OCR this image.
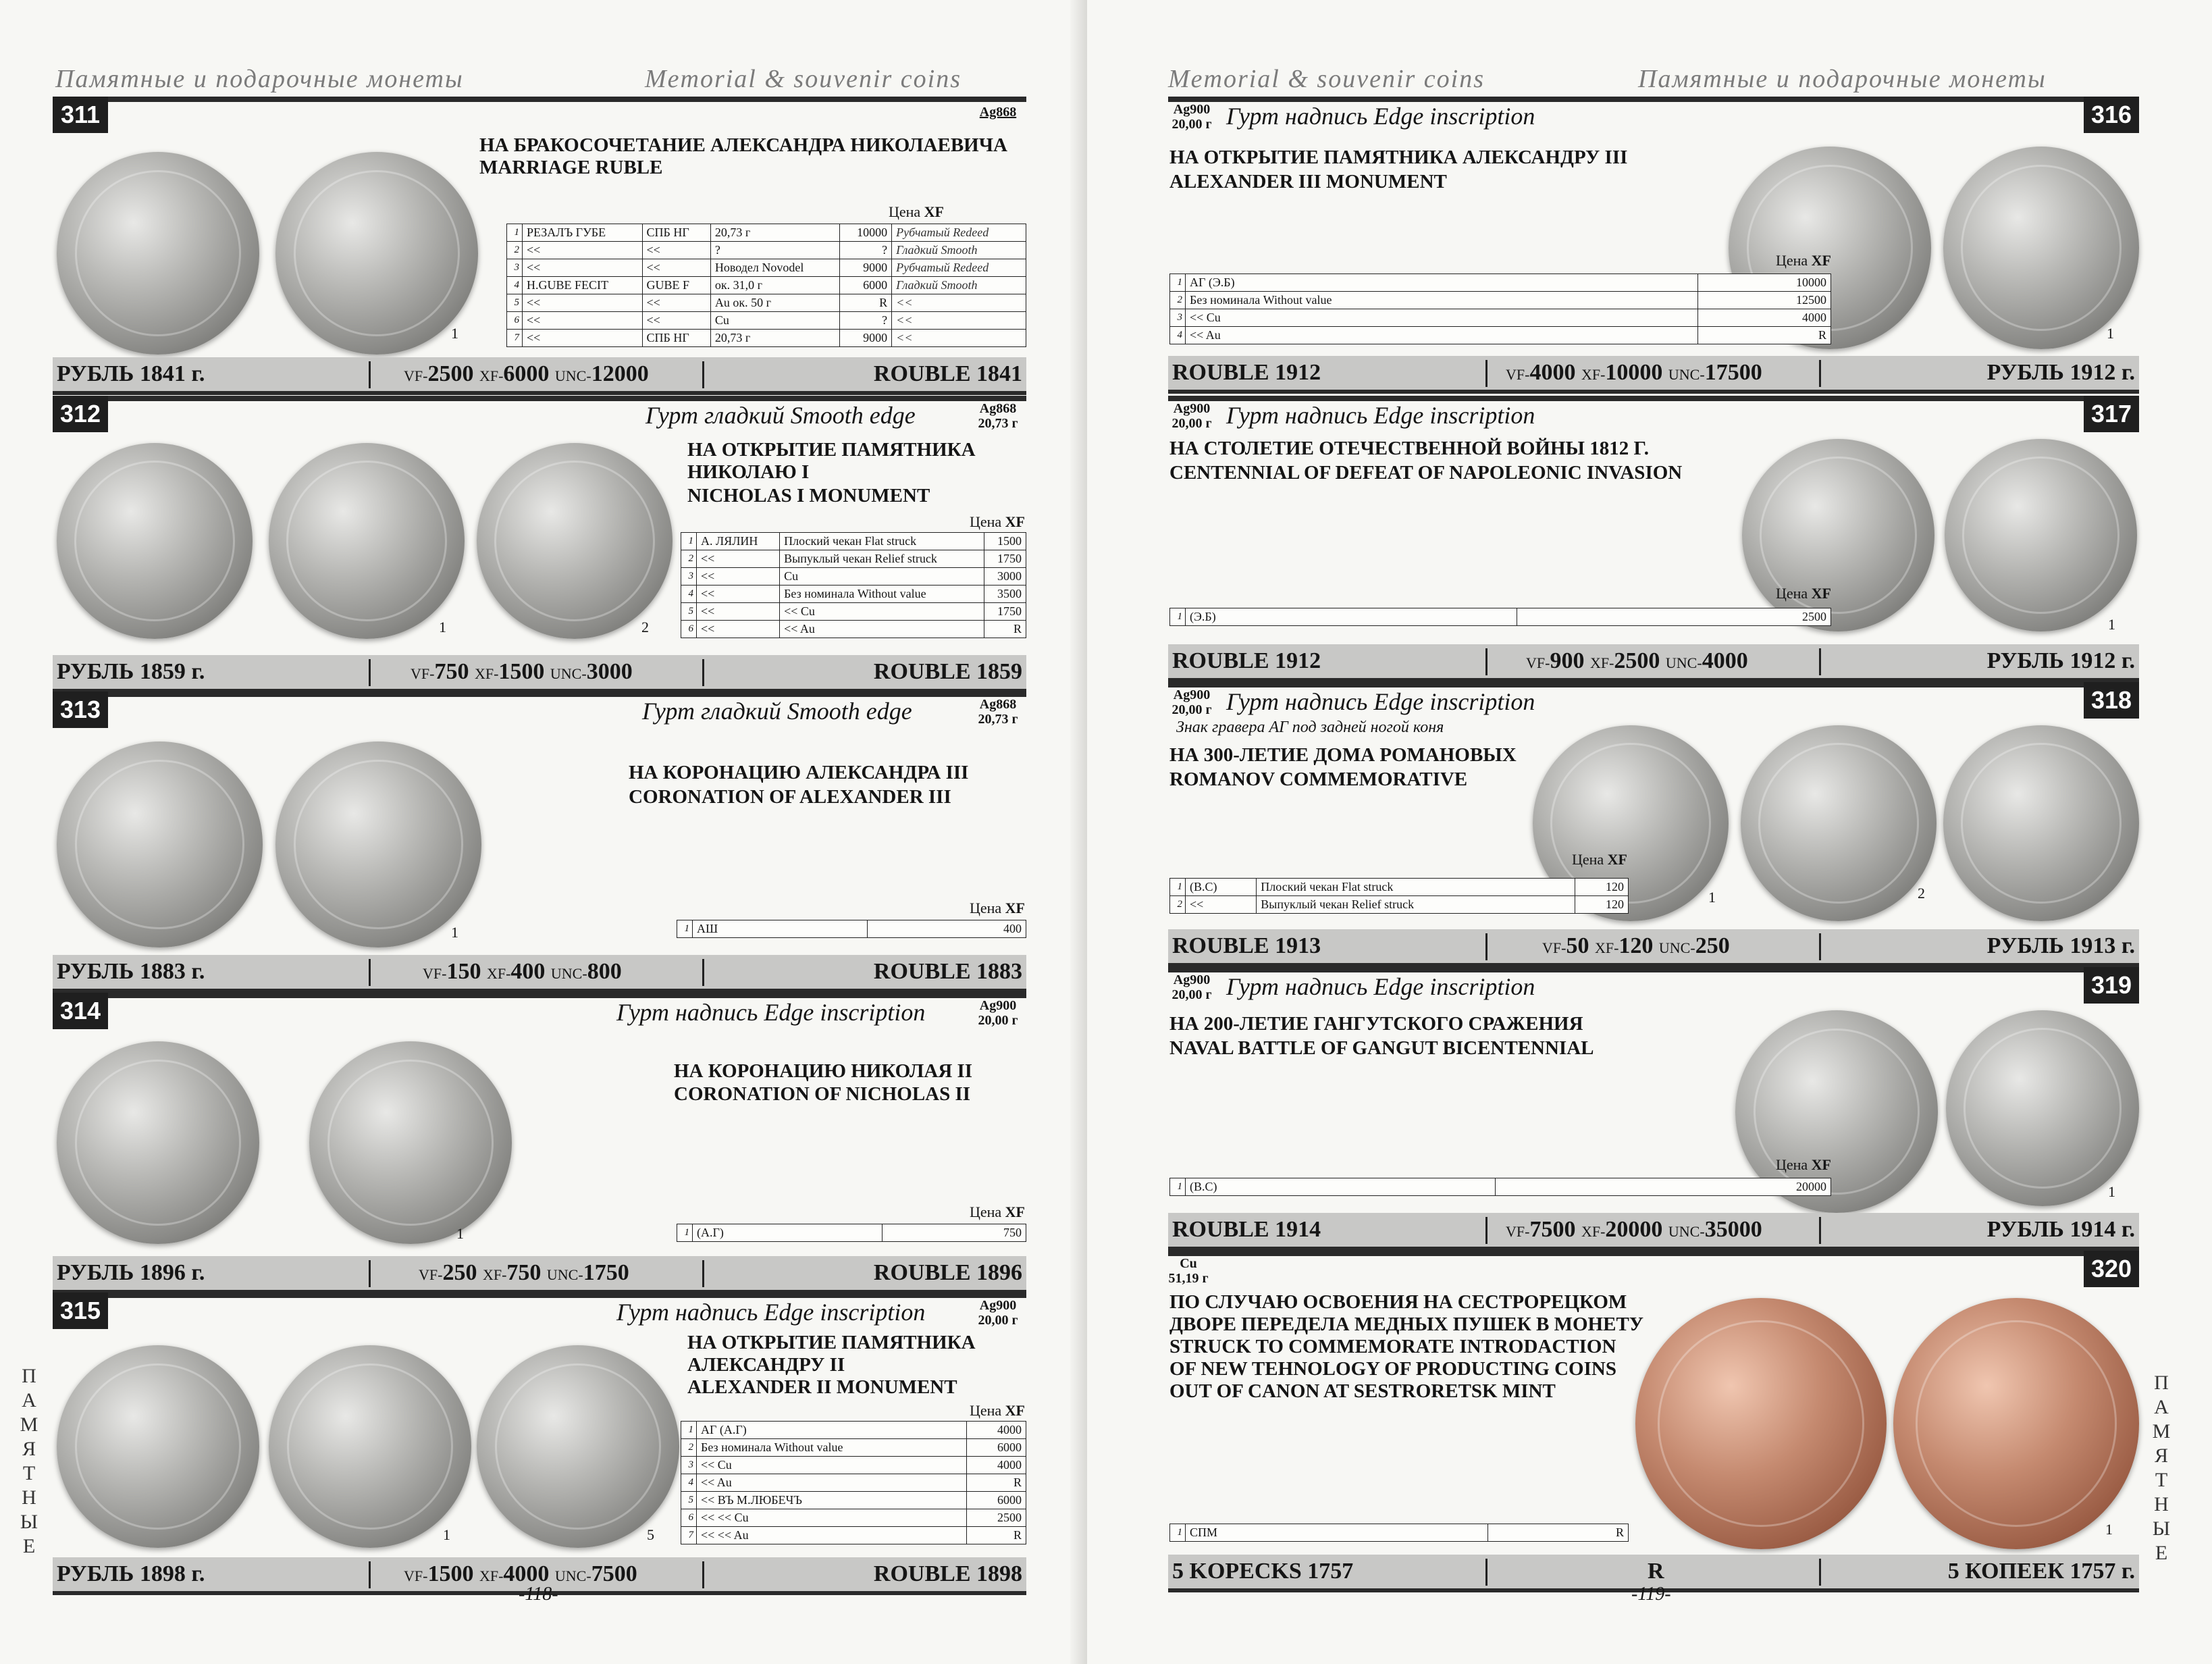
Памятные и подарочные монеты	Memorial & souvenir coins
311	Ag868
1
НА БРАКОСОЧЕТАНИЕ АЛЕКСАНДРА НИКОЛАЕВИЧА
MARRIAGE RUBLE
Цена XF
1	РЕЗАЛЪ ГУБЕ	СПБ НГ	20,73 г	10000	Рубчатый Redeed
2	<<	<<	?	?	Гладкий Smooth
3	<<	<<	Новодел Novodel	9000	Рубчатый Redeed
4	H.GUBE FECIT	GUBE F	ок. 31,0 г	6000	Гладкий Smooth
5	<<	<<	Au ок. 50 г	R	<<
6	<<	<<	Cu	?	<<
7	<<	СПБ НГ	20,73 г	9000	<<
РУБЛЬ 1841 г.	VF-2500 XF-6000 UNC-12000	ROUBLE 1841
312	Гурт гладкий Smooth edge	Ag868
20,73 г
1	2
НА ОТКРЫТИЕ ПАМЯТНИКА НИКОЛАЮ I
NICHOLAS I MONUMENT
Цена XF
1	А. ЛЯЛИН	Плоский чекан Flat struck	1500
2	<<	Выпуклый чекан Relief struck	1750
3	<<	Cu	3000
4	<<	Без номинала Without value	3500
5	<<	<< Cu	1750
6	<<	<< Au	R
РУБЛЬ 1859 г.	VF-750 XF-1500 UNC-3000	ROUBLE 1859
313	Гурт гладкий Smooth edge	Ag868
20,73 г
1
НА КОРОНАЦИЮ АЛЕКСАНДРА III
CORONATION OF ALEXANDER III
Цена XF
1	АШ	400
РУБЛЬ 1883 г.	VF-150 XF-400 UNC-800	ROUBLE 1883
314	Гурт надпись Edge inscription	Ag900
20,00 г
1
НА КОРОНАЦИЮ НИКОЛАЯ II
CORONATION OF NICHOLAS II
Цена XF
1	(А.Г)	750
РУБЛЬ 1896 г.	VF-250 XF-750 UNC-1750	ROUBLE 1896
315	Гурт надпись Edge inscription	Ag900
20,00 г
1	5
НА ОТКРЫТИЕ ПАМЯТНИКА АЛЕКСАНДРУ II
ALEXANDER II MONUMENT
Цена XF
1	АГ (А.Г)	4000
2	Без номинала Without value	6000
3	<< Cu	4000
4	<< Au	R
5	<< ВЪ М.ЛЮБЕЧЪ	6000
6	<< << Cu	2500
7	<< << Au	R
РУБЛЬ 1898 г.	VF-1500 XF-4000 UNC-7500	ROUBLE 1898
-118-
П
А
М
Я
Т
Н
Ы
Е
Memorial & souvenir coins	Памятные и подарочные монеты
316
Ag900
20,00 г Гурт надпись Edge inscription
НА ОТКРЫТИЕ ПАМЯТНИКА АЛЕКСАНДРУ III
ALEXANDER III MONUMENT
1
Цена XF
1	АГ (Э.Б)	10000
2	Без номинала Without value	12500
3	<< Cu	4000
4	<< Au	R
ROUBLE 1912	VF-4000 XF-10000 UNC-17500	РУБЛЬ 1912 г.
317
Ag900
20,00 г Гурт надпись Edge inscription
НА СТОЛЕТИЕ ОТЕЧЕСТВЕННОЙ ВОЙНЫ 1812 Г.
CENTENNIAL OF DEFEAT OF NAPOLEONIC INVASION
1
Цена XF
1	(Э.Б)	2500
ROUBLE 1912	VF-900 XF-2500 UNC-4000	РУБЛЬ 1912 г.
318
Ag900
20,00 г Гурт надпись Edge inscription
Знак гравера АГ под задней ногой коня
НА 300-ЛЕТИЕ ДОМА РОМАНОВЫХ
ROMANOV COMMEMORATIVE
1	2
Цена XF
1	(В.С)	Плоский чекан Flat struck	120
2	<<	Выпуклый чекан Relief struck	120
ROUBLE 1913	VF-50 XF-120 UNC-250	РУБЛЬ 1913 г.
319
Ag900
20,00 г Гурт надпись Edge inscription
НА 200-ЛЕТИЕ ГАНГУТСКОГО СРАЖЕНИЯ
NAVAL BATTLE OF GANGUT BICENTENNIAL
1
Цена XF
1	(В.С)	20000
ROUBLE 1914	VF-7500 XF-20000 UNC-35000	РУБЛЬ 1914 г.
320
Cu
51,19 г
ПО СЛУЧАЮ ОСВОЕНИЯ НА СЕСТРОРЕЦКОМ
ДВОРЕ ПЕРЕДЕЛА МЕДНЫХ ПУШЕК В МОНЕТУ
STRUCK TO COMMEMORATE INTRODACTION
OF NEW TEHNOLOGY OF PRODUCTING COINS
OUT OF CANON AT SESTRORETSK MINT
1
1	СПМ	R
5 KOPECKS 1757	R	5 КОПЕЕК 1757 г.
-119-
П
А
М
Я
Т
Н
Ы
Е
